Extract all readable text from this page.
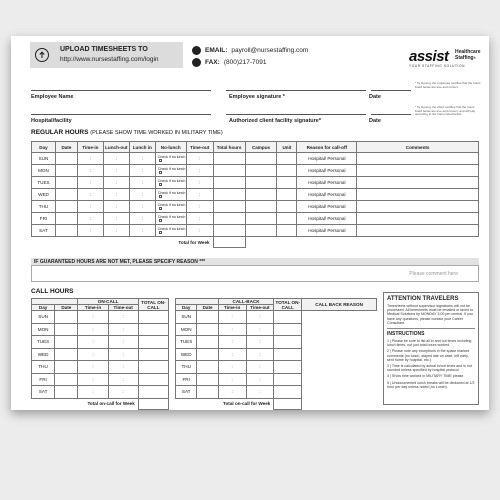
UPLOAD TIMESHEETS TO
http://www.nursestaffing.com/login
EMAIL: payroll@nursestaffing.com
FAX: (800)217-7091	assist	Healthcare Staffing®
YOUR STAFFING SOLUTION
Employee Name	Employee signature *	Date
Hospital/facility	Authorized client facility signature*	Date
* by signing, the employee certifies that the hours listed below are true and correct.
* by signing, the client certifies that the hours listed below are true and correct, and will pay according to the hours listed below.
REGULAR HOURS (PLEASE SHOW TIME WORKED IN MILITARY TIME)
Day	Date	Time-in	Lunch-out	Lunch in	No-lunch	Time-out	Total hours	Campus	Unit	Reason for call-off	Comments
SUN		:	:	:	Check if no lunch	:				Hospital/ Personal	
MON		:	:	:	Check if no lunch	:				Hospital/ Personal	
TUES		:	:	:	Check if no lunch	:				Hospital/ Personal	
WED		:	:	:	Check if no lunch	:				Hospital/ Personal	
THU		:	:	:	Check if no lunch	:				Hospital/ Personal	
FRI		:	:	:	Check if no lunch	:				Hospital/ Personal	
SAT		:	:	:	Check if no lunch	:				Hospital/ Personal	
Total for Week											
IF GUARANTEED HOURS ARE NOT MET, PLEASE SPECIFY REASON ***
Please comment here
CALL HOURS
		ON-CALL		TOTAL ON-CALL
Day	Date	Time-in	Time-out	
SUN		:	:	
MON		:	:	
TUES		:	:	
WED		:	:	
THU		:	:	
FRI		:	:	
SAT		:	:	
Total on-call for Week				
		CALL-BACK		TOTAL ON-CALL	CALL BACK REASON
Day	Date	Time-in	Time-out		
SUN		:	:		
MON		:	:		
TUES		:	:		
WED		:	:		
THU		:	:		
FRI		:	:		
SAT		:	:		
Total on-call for Week					
ATTENTION TRAVELERS

Timesheets without supervisor signatures will not be processed. All timesheets must be emailed or faxed to Medical Solutions by MONDAY 3:00 pm central. If you have any questions, please contact your Career Consultant.

INSTRUCTIONS

1 | Please be sure to list all in and out times including lunch times, not just total hours worked.

2 | Please note any exceptions in the space marked comments (no lunch, stayed late on case, left early, sent home by hospital, etc.)

3 | Time is calculated by actual in/out times and is not rounded unless specified by hospital protocol

4 | Show time worked in MILITARY TIME please

5 | Undocumented lunch breaks will be deducted at 1/2 hour per day unless noted (no Lunch).
